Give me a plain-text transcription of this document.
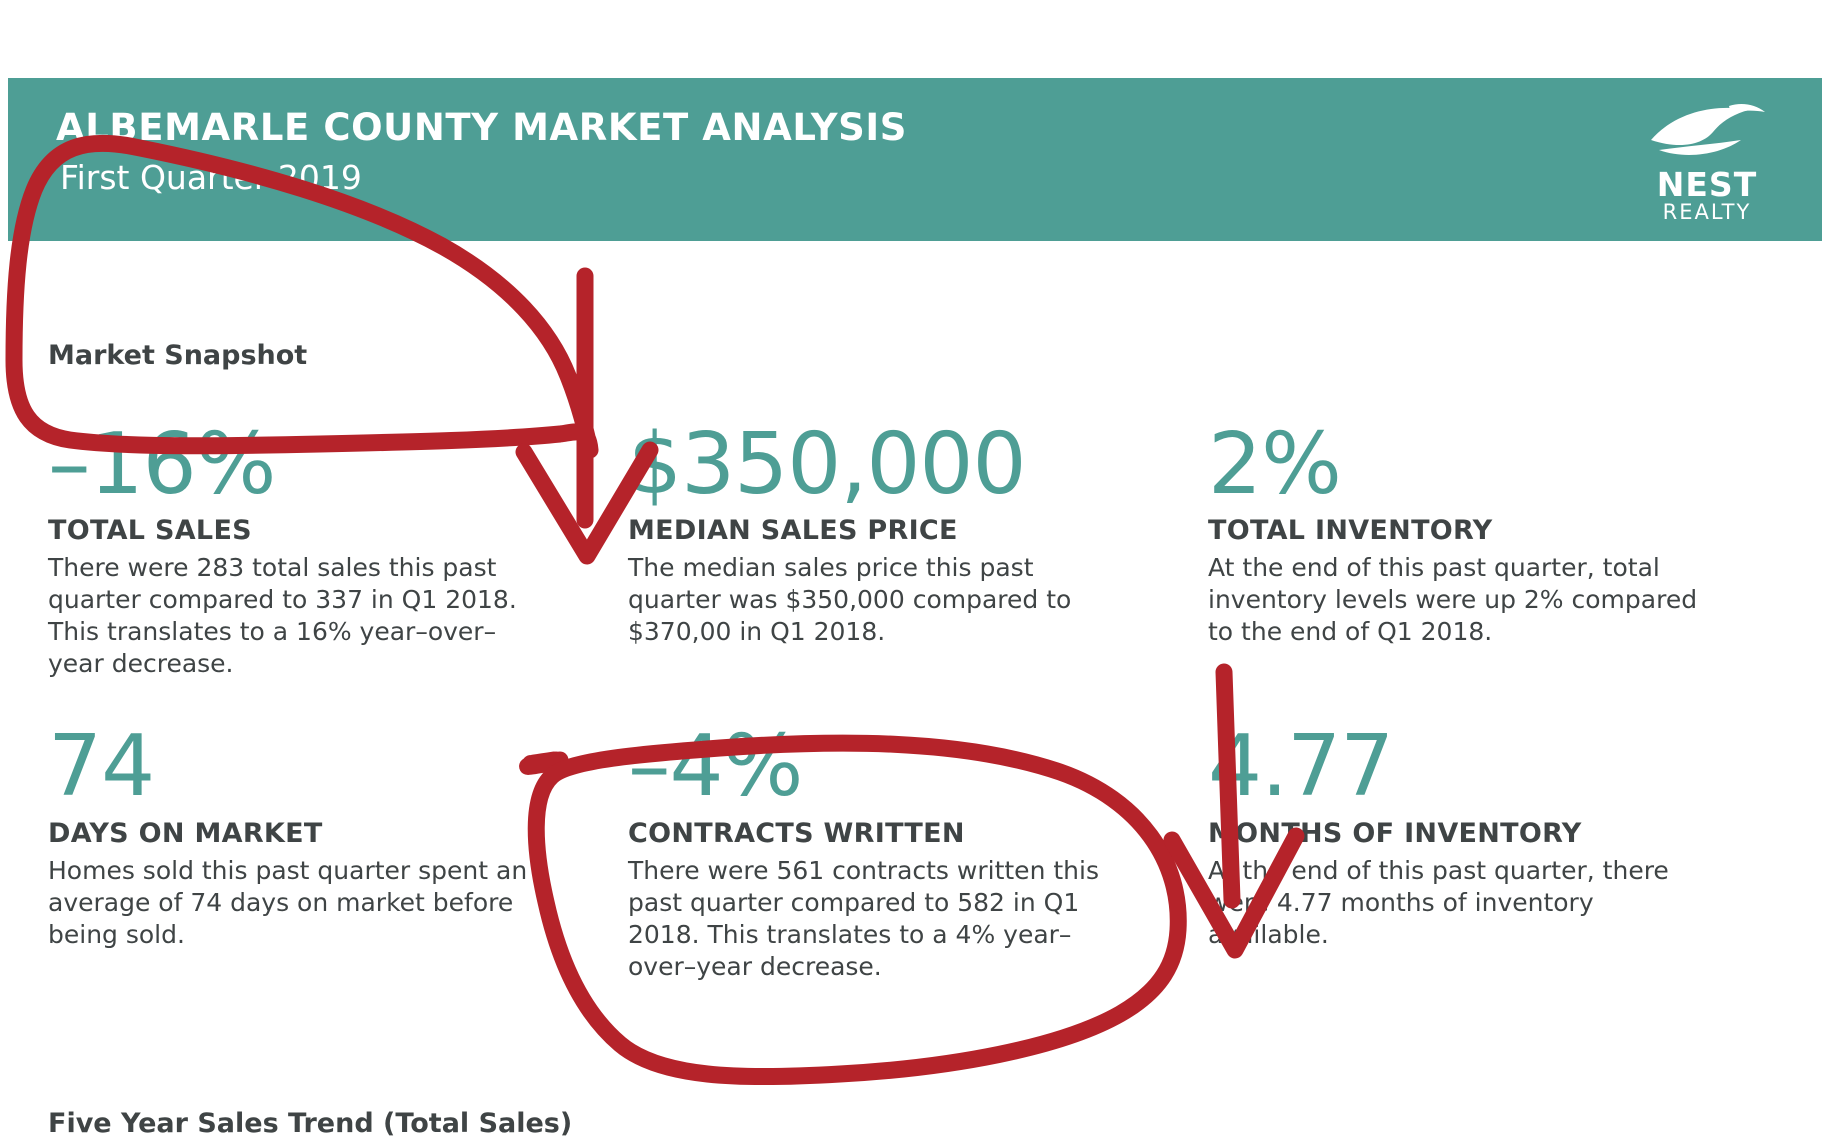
ALBEMARLE COUNTY MARKET ANALYSIS
First Quarter 2019	NEST
REALTY
Market Snapshot
–16%
TOTAL SALES
There were 283 total sales this past quarter compared to 337 in Q1 2018. This translates to a 16% year–over–year decrease.
$350,000
MEDIAN SALES PRICE
The median sales price this past quarter was $350,000 compared to $370,00 in Q1 2018.
2%
TOTAL INVENTORY
At the end of this past quarter, total inventory levels were up 2% compared to the end of Q1 2018.
74
DAYS ON MARKET
Homes sold this past quarter spent an average of 74 days on market before being sold.
–4%
CONTRACTS WRITTEN
There were 561 contracts written this past quarter compared to 582 in Q1 2018. This translates to a 4% year–over–year decrease.
4.77
MONTHS OF INVENTORY
At the end of this past quarter, there were 4.77 months of inventory available.
Five Year Sales Trend (Total Sales)
